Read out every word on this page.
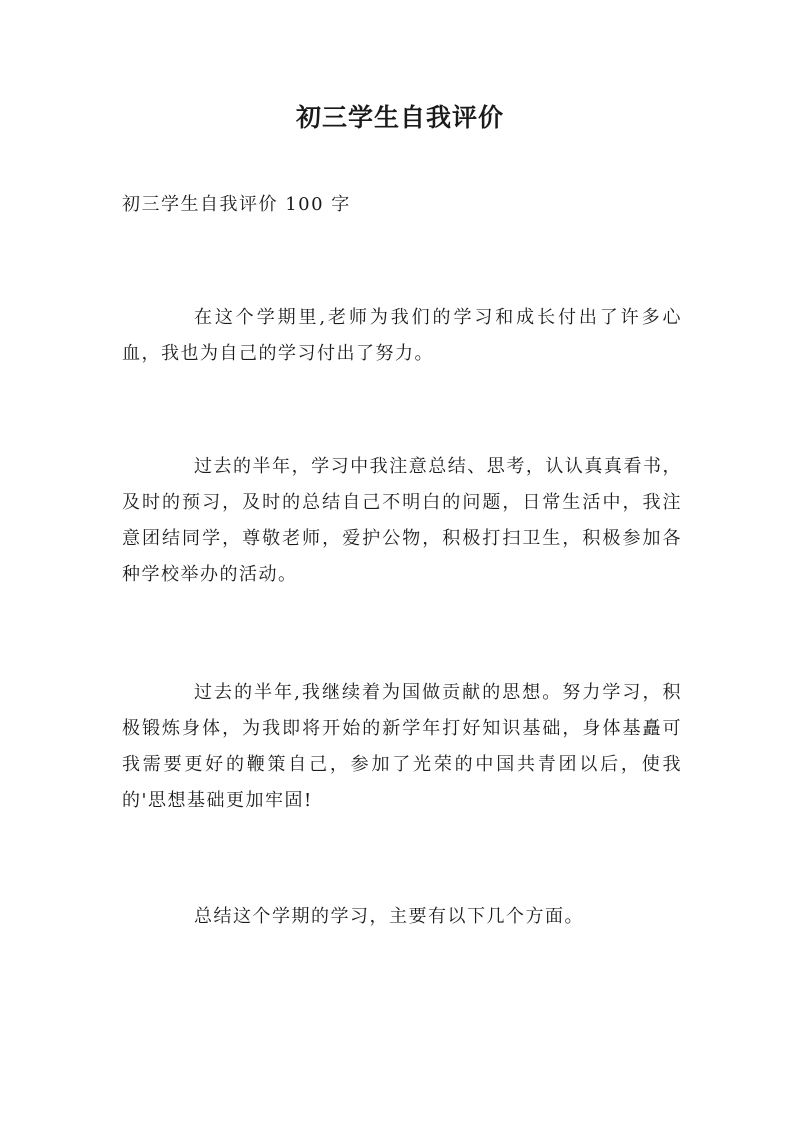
初三学生自我评价

初三学生自我评价 100 字

在这个学期里,老师为我们的学习和成长付出了许多心血，我也为自己的学习付出了努力。

过去的半年，学习中我注意总结、思考，认认真真看书，及时的预习，及时的总结自己不明白的问题，日常生活中，我注意团结同学，尊敬老师，爱护公物，积极打扫卫生，积极参加各种学校举办的活动。

过去的半年,我继续着为国做贡献的思想。努力学习，积极锻炼身体，为我即将开始的新学年打好知识基础，身体基矗可我需要更好的鞭策自己，参加了光荣的中国共青团以后，使我的'思想基础更加牢固!

总结这个学期的学习，主要有以下几个方面。
